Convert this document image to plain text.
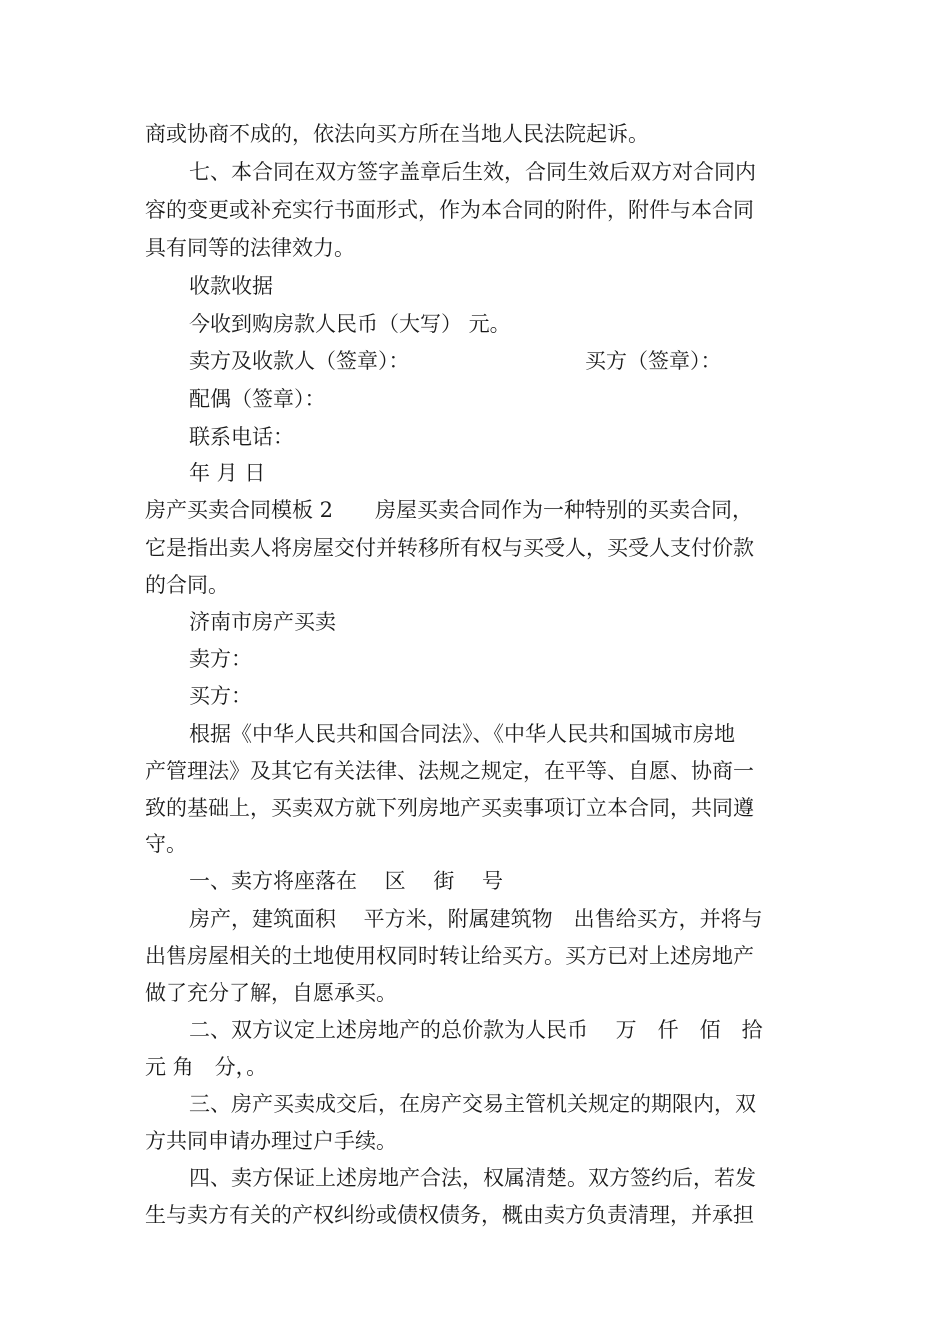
商或协商不成的，依法向买方所在当地人民法院起诉。
七、本合同在双方签字盖章后生效，合同生效后双方对合同内
容的变更或补充实行书面形式，作为本合同的附件，附件与本合同
具有同等的法律效力。
收款收据
今收到购房款人民币（大写） 元。
卖方及收款人（签章）：	买方（签章）：
配偶（签章）：
联系电话：
年 月 日
房产买卖合同模板 2　　房屋买卖合同作为一种特别的买卖合同，
它是指出卖人将房屋交付并转移所有权与买受人，买受人支付价款
的合同。
济南市房产买卖
卖方：
买方：
根据《中华人民共和国合同法》、《中华人民共和国城市房地
产管理法》及其它有关法律、法规之规定，在平等、自愿、协商一
致的基础上，买卖双方就下列房地产买卖事项订立本合同，共同遵
守。
一、卖方将座落在　 区　 街　 号
房产，建筑面积　 平方米，附属建筑物　出售给买方，并将与
出售房屋相关的土地使用权同时转让给买方。买方已对上述房地产
做了充分了解，自愿承买。
二、双方议定上述房地产的总价款为人民币　 万　仟　佰　拾
元 角　分，。
三、房产买卖成交后，在房产交易主管机关规定的期限内，双
方共同申请办理过户手续。
四、卖方保证上述房地产合法，权属清楚。双方签约后，若发
生与卖方有关的产权纠纷或债权债务，概由卖方负责清理，并承担
